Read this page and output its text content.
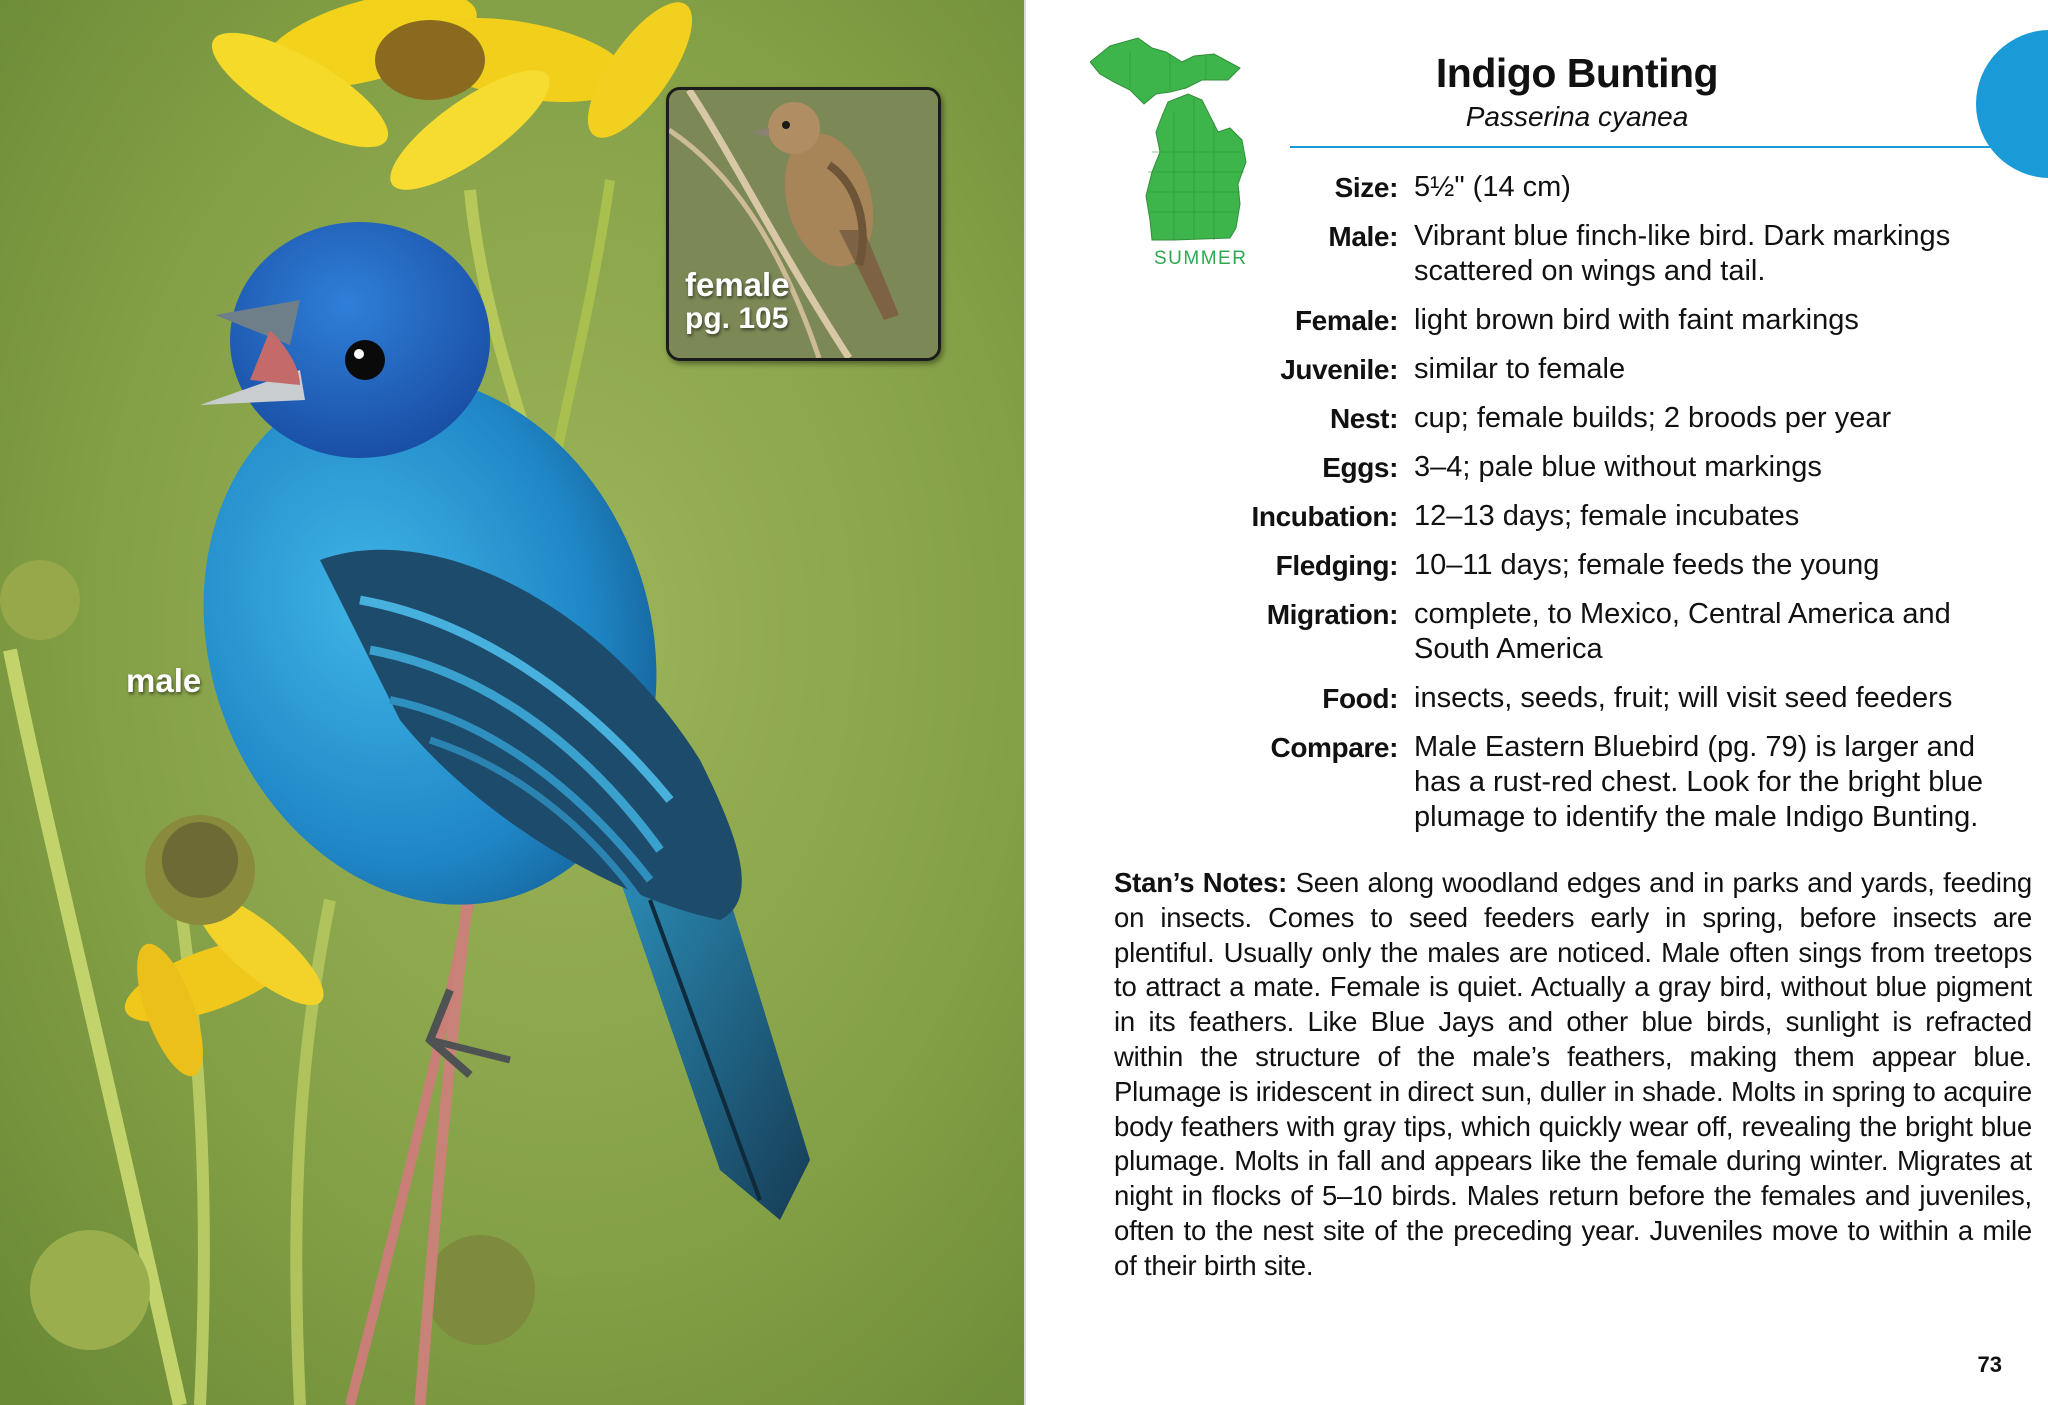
male
female
pg. 105
SUMMER
Indigo Bunting
Passerina cyanea
Size: 5½" (14 cm)
Male: Vibrant blue finch-like bird. Dark markings scattered on wings and tail.
Female: light brown bird with faint markings
Juvenile: similar to female
Nest: cup; female builds; 2 broods per year
Eggs: 3–4; pale blue without markings
Incubation: 12–13 days; female incubates
Fledging: 10–11 days; female feeds the young
Migration: complete, to Mexico, Central America and South America
Food: insects, seeds, fruit; will visit seed feeders
Compare: Male Eastern Bluebird (pg. 79) is larger and has a rust-red chest. Look for the bright blue plumage to identify the male Indigo Bunting.
Stan’s Notes: Seen along woodland edges and in parks and yards, feeding on insects. Comes to seed feeders early in spring, before insects are plentiful. Usually only the males are noticed. Male often sings from treetops to attract a mate. Female is quiet. Actually a gray bird, without blue pigment in its feathers. Like Blue Jays and other blue birds, sunlight is refracted within the structure of the male’s feathers, making them appear blue. Plumage is iridescent in direct sun, duller in shade. Molts in spring to acquire body feathers with gray tips, which quickly wear off, revealing the bright blue plumage. Molts in fall and appears like the female during winter. Migrates at night in flocks of 5–10 birds. Males return before the females and juveniles, often to the nest site of the preceding year. Juveniles move to within a mile of their birth site.
73
